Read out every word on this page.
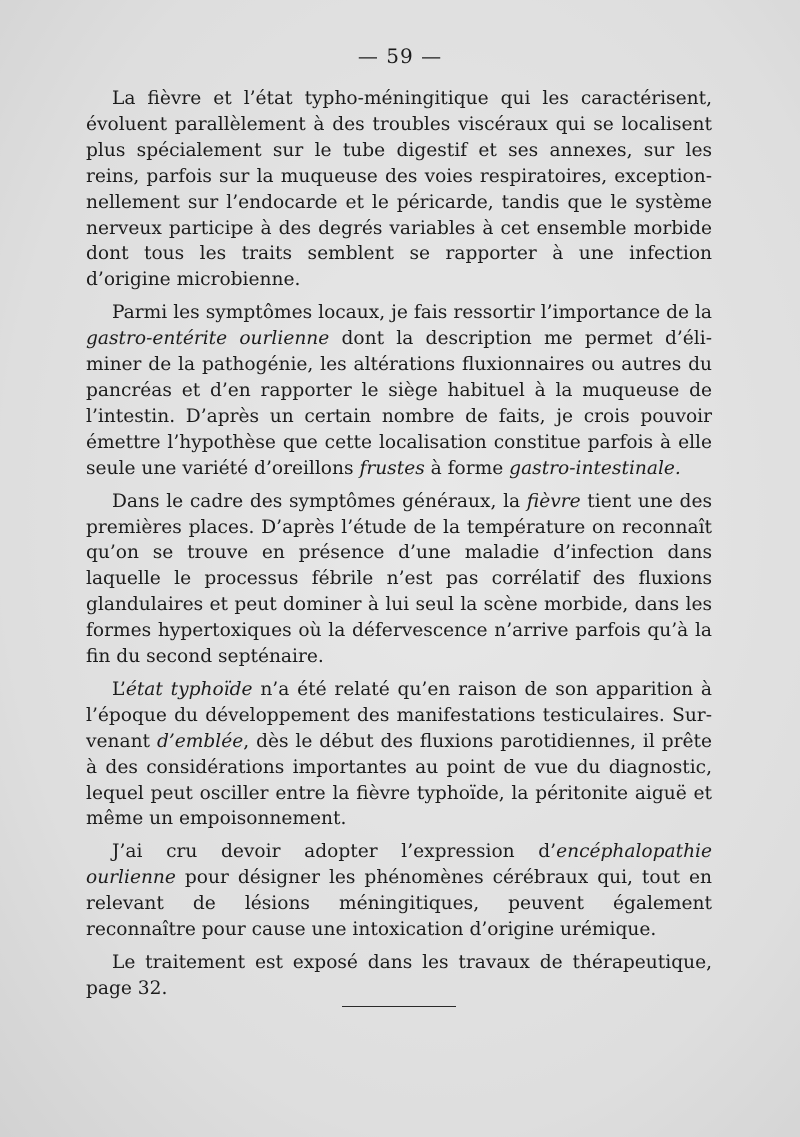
— 59 —

La fièvre et l’état typho-méningitique qui les caractérisent, évoluent parallèlement à des troubles viscéraux qui se localisent plus spécialement sur le tube digestif et ses annexes, sur les reins, parfois sur la muqueuse des voies respiratoires, exceptionnellement sur l’endocarde et le péricarde, tandis que le système nerveux participe à des degrés variables à cet ensemble morbide dont tous les traits semblent se rapporter à une infection d’origine microbienne.

Parmi les symptômes locaux, je fais ressortir l’importance de la gastro-entérite ourlienne dont la description me permet d’éliminer de la pathogénie, les altérations fluxionnaires ou autres du pancréas et d’en rapporter le siège habituel à la muqueuse de l’intestin. D’après un certain nombre de faits, je crois pouvoir émettre l’hypothèse que cette localisation constitue parfois à elle seule une variété d’oreillons frustes à forme gastro-intestinale.

Dans le cadre des symptômes généraux, la fièvre tient une des premières places. D’après l’étude de la température on reconnaît qu’on se trouve en présence d’une maladie d’infection dans laquelle le processus fébrile n’est pas corrélatif des fluxions glandulaires et peut dominer à lui seul la scène morbide, dans les formes hypertoxiques où la défervescence n’arrive parfois qu’à la fin du second septénaire.

L’état typhoïde n’a été relaté qu’en raison de son apparition à l’époque du développement des manifestations testiculaires. Survenant d’emblée, dès le début des fluxions parotidiennes, il prête à des considérations importantes au point de vue du diagnostic, lequel peut osciller entre la fièvre typhoïde, la péritonite aiguë et même un empoisonnement.

J’ai cru devoir adopter l’expression d’encéphalopathie ourlienne pour désigner les phénomènes cérébraux qui, tout en relevant de lésions méningitiques, peuvent également reconnaître pour cause une intoxication d’origine urémique.

Le traitement est exposé dans les travaux de thérapeutique, page 32.
